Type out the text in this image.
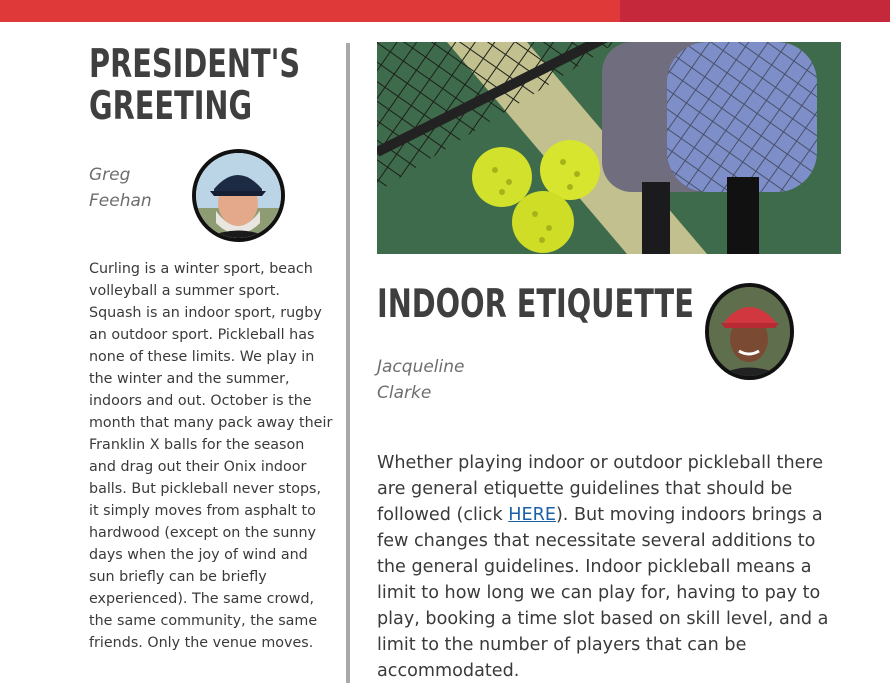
PRESIDENT'S GREETING
Greg
Feehan
Curling is a winter sport, beach volleyball a summer sport. Squash is an indoor sport, rugby an outdoor sport. Pickleball has none of these limits. We play in the winter and the summer, indoors and out. October is the month that many pack away their Franklin X balls for the season and drag out their Onix indoor balls. But pickleball never stops, it simply moves from asphalt to hardwood (except on the sunny days when the joy of wind and sun briefly can be briefly experienced). The same crowd, the same community, the same friends. Only the venue moves.
INDOOR ETIQUETTE
Jacqueline
Clarke
Whether playing indoor or outdoor pickleball there are general etiquette guidelines that should be followed (click HERE). But moving indoors brings a few changes that necessitate several additions to the general guidelines. Indoor pickleball means a limit to how long we can play for, having to pay to play, booking a time slot based on skill level, and a limit to the number of players that can be accommodated.
